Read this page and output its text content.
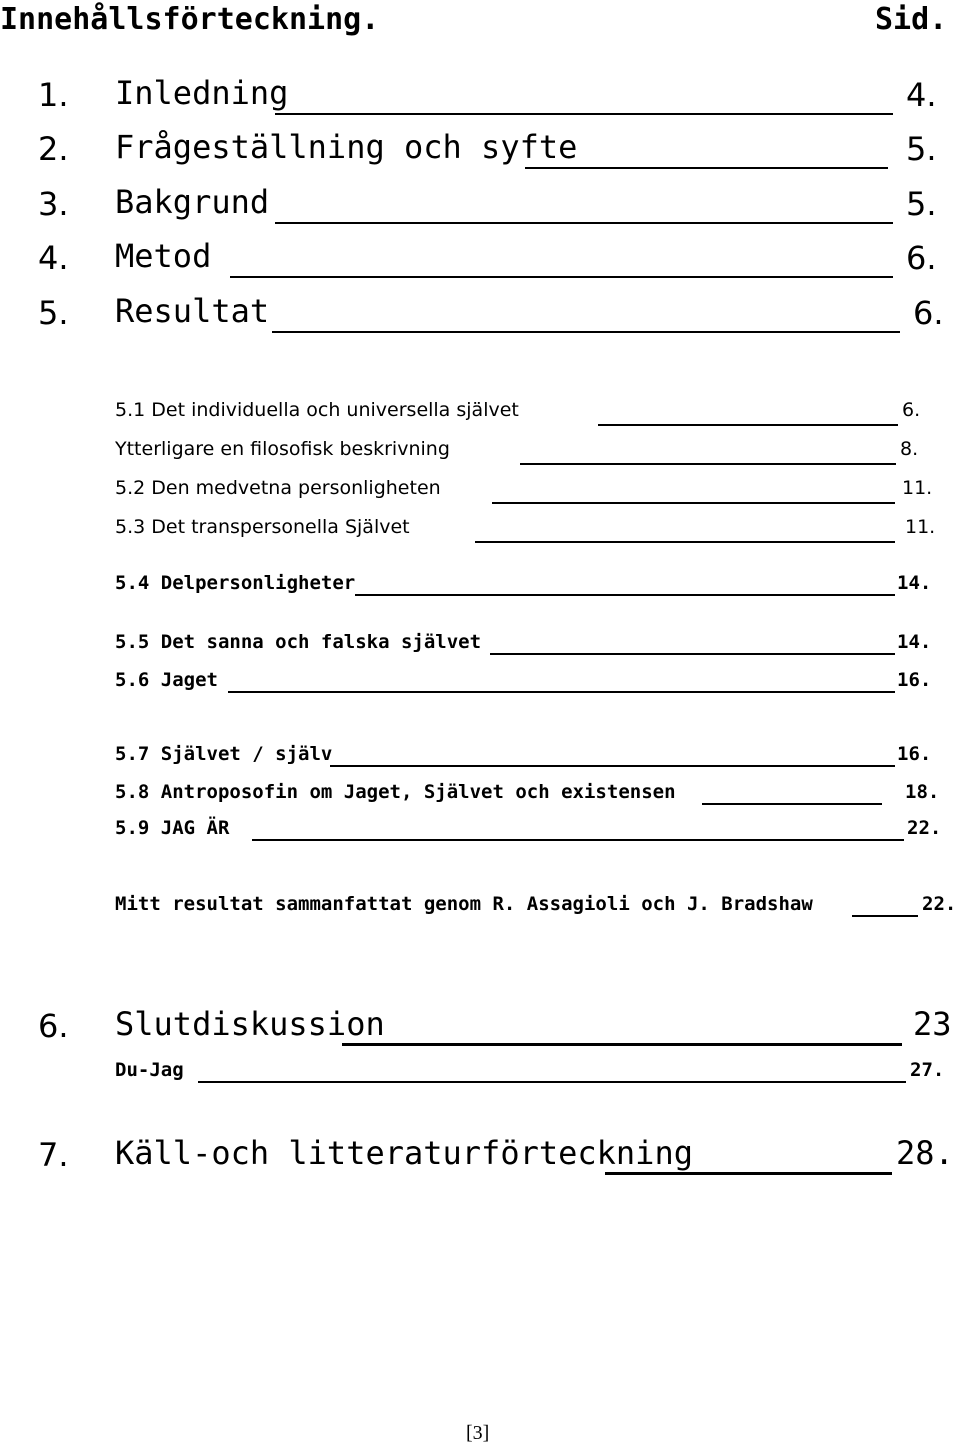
Innehållsförteckning.	Sid.
1. Inledning	4.
2. Frågeställning och syfte	5.
3. Bakgrund	5.
4. Metod	6.
5. Resultat	6.
5.1 Det individuella och universella självet	6.
Ytterligare en filosofisk beskrivning	8.
5.2 Den medvetna personligheten	11.
5.3 Det transpersonella Självet	11.
5.4 Delpersonligheter	14.
5.5 Det sanna och falska självet	14.
5.6 Jaget	16.
5.7 Självet / själv	16.
5.8 Antroposofin om Jaget, Självet och existensen	18.
5.9 JAG ÄR	22.
Mitt resultat sammanfattat genom R. Assagioli och J. Bradshaw	22.
6. Slutdiskussion	23
Du-Jag	27.
7. Käll-och litteraturförteckning	28.
[3]
